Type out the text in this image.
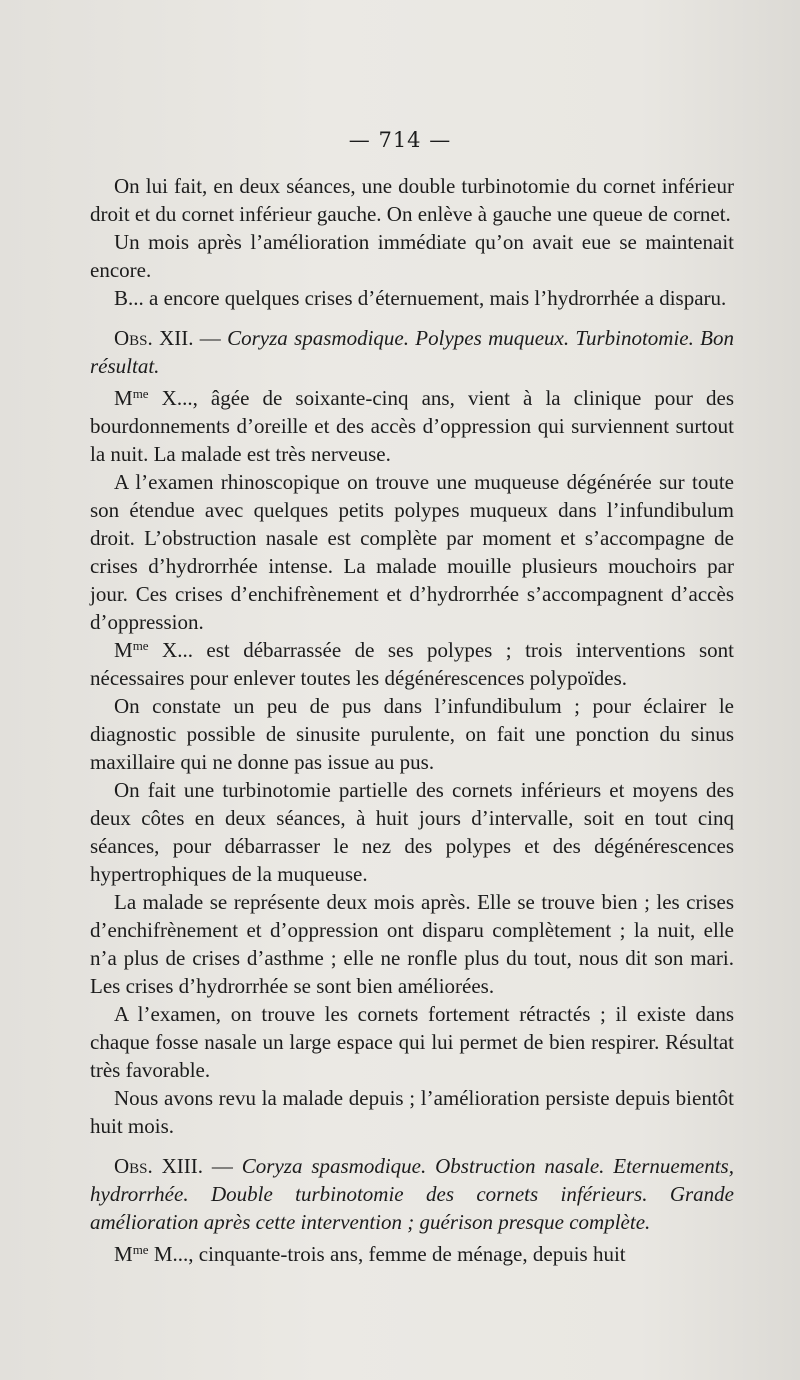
— 714 —

On lui fait, en deux séances, une double turbinotomie du cornet inférieur droit et du cornet inférieur gauche. On enlève à gauche une queue de cornet.

Un mois après l’amélioration immédiate qu’on avait eue se maintenait encore.

B... a encore quelques crises d’éternuement, mais l’hydrorrhée a disparu.

Obs. XII. — Coryza spasmodique. Polypes muqueux. Turbinotomie. Bon résultat.

$M^{me}$ X..., âgée de soixante-cinq ans, vient à la clinique pour des bourdonnements d’oreille et des accès d’oppression qui surviennent surtout la nuit. La malade est très nerveuse.

A l’examen rhinoscopique on trouve une muqueuse dégénérée sur toute son étendue avec quelques petits polypes muqueux dans l’infundibulum droit. L’obstruction nasale est complète par moment et s’accompagne de crises d’hydrorrhée intense. La malade mouille plusieurs mouchoirs par jour. Ces crises d’enchifrènement et d’hydrorrhée s’accompagnent d’accès d’oppression.

$M^{me}$ X... est débarrassée de ses polypes ; trois interventions sont nécessaires pour enlever toutes les dégénérescences polypoïdes.

On constate un peu de pus dans l’infundibulum ; pour éclairer le diagnostic possible de sinusite purulente, on fait une ponction du sinus maxillaire qui ne donne pas issue au pus.

On fait une turbinotomie partielle des cornets inférieurs et moyens des deux côtes en deux séances, à huit jours d’intervalle, soit en tout cinq séances, pour débarrasser le nez des polypes et des dégénérescences hypertrophiques de la muqueuse.

La malade se représente deux mois après. Elle se trouve bien ; les crises d’enchifrènement et d’oppression ont disparu complètement ; la nuit, elle n’a plus de crises d’asthme ; elle ne ronfle plus du tout, nous dit son mari. Les crises d’hydrorrhée se sont bien améliorées.

A l’examen, on trouve les cornets fortement rétractés ; il existe dans chaque fosse nasale un large espace qui lui permet de bien respirer. Résultat très favorable.

Nous avons revu la malade depuis ; l’amélioration persiste depuis bientôt huit mois.

Obs. XIII. — Coryza spasmodique. Obstruction nasale. Eternuements, hydrorrhée. Double turbinotomie des cornets inférieurs. Grande amélioration après cette intervention ; guérison presque complète.

$M^{me}$ M..., cinquante-trois ans, femme de ménage, depuis huit
